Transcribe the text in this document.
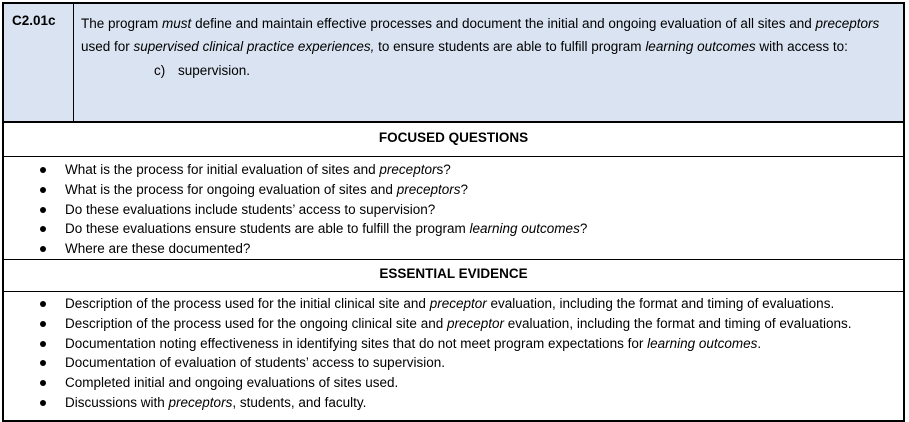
C2.01c The program must define and maintain effective processes and document the initial and ongoing evaluation of all sites and preceptors used for supervised clinical practice experiences, to ensure students are able to fulfill program learning outcomes with access to:
c) supervision.
FOCUSED QUESTIONS
What is the process for initial evaluation of sites and preceptors?
What is the process for ongoing evaluation of sites and preceptors?
Do these evaluations include students’ access to supervision?
Do these evaluations ensure students are able to fulfill the program learning outcomes?
Where are these documented?
ESSENTIAL EVIDENCE
Description of the process used for the initial clinical site and preceptor evaluation, including the format and timing of evaluations.
Description of the process used for the ongoing clinical site and preceptor evaluation, including the format and timing of evaluations.
Documentation noting effectiveness in identifying sites that do not meet program expectations for learning outcomes.
Documentation of evaluation of students’ access to supervision.
Completed initial and ongoing evaluations of sites used.
Discussions with preceptors, students, and faculty.
